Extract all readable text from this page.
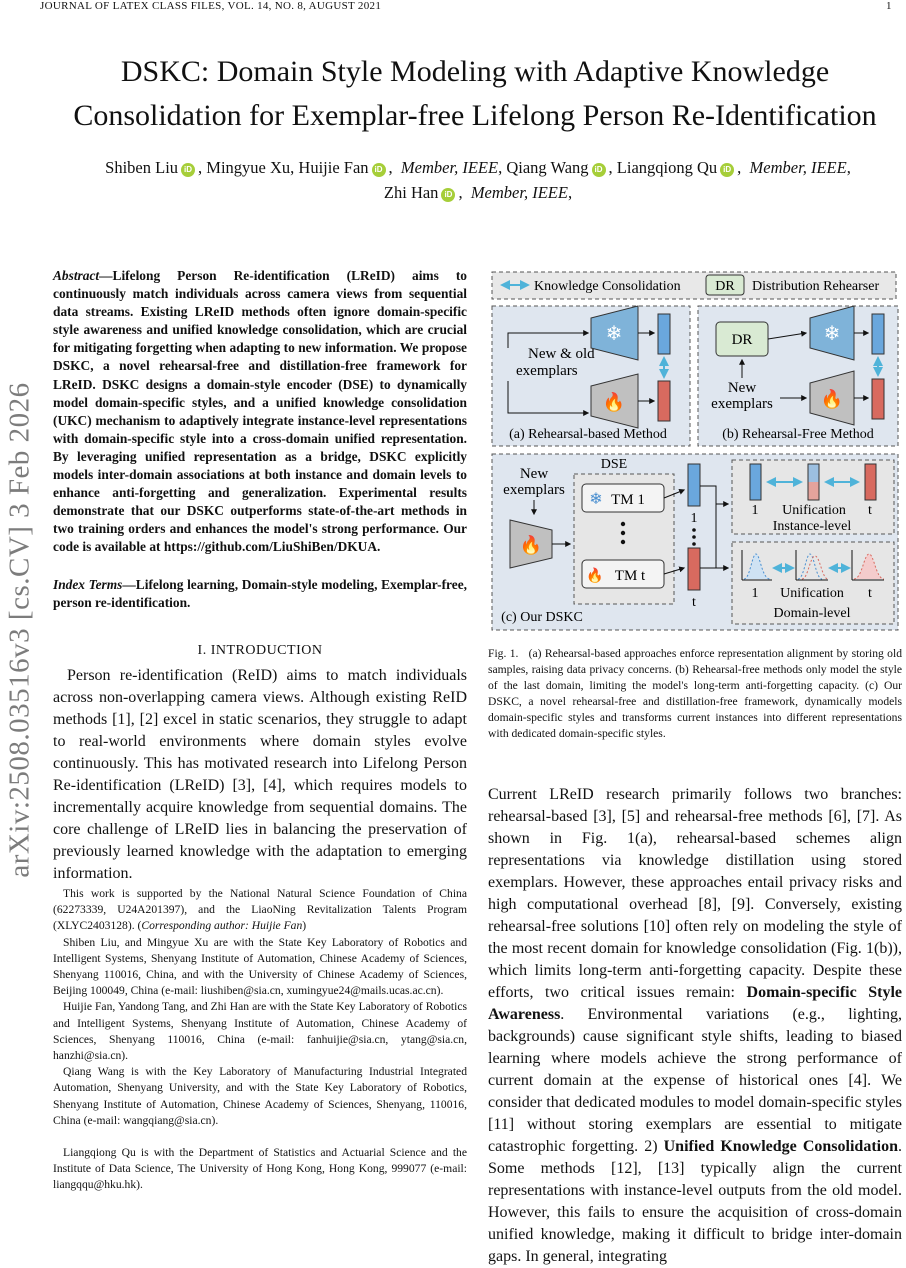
JOURNAL OF LATEX CLASS FILES, VOL. 14, NO. 8, AUGUST 2021	1
arXiv:2508.03516v3 [cs.CV] 3 Feb 2026
DSKC: Domain Style Modeling with Adaptive Knowledge Consolidation for Exemplar-free Lifelong Person Re-Identification
Shiben Liu iD , Mingyue Xu, Huijie Fan iD ,  Member, IEEE, Qiang Wang iD , Liangqiong Qu iD ,  Member, IEEE,
Zhi Han iD ,  Member, IEEE,
Abstract—Lifelong Person Re-identification (LReID) aims to continuously match individuals across camera views from sequential data streams. Existing LReID methods often ignore domain-specific style awareness and unified knowledge consolidation, which are crucial for mitigating forgetting when adapting to new information. We propose DSKC, a novel rehearsal-free and distillation-free framework for LReID. DSKC designs a domain-style encoder (DSE) to dynamically model domain-specific styles, and a unified knowledge consolidation (UKC) mechanism to adaptively integrate instance-level representations with domain-specific style into a cross-domain unified representation. By leveraging unified representation as a bridge, DSKC explicitly models inter-domain associations at both instance and domain levels to enhance anti-forgetting and generalization. Experimental results demonstrate that our DSKC outperforms state-of-the-art methods in two training orders and enhances the model's strong performance. Our code is available at https://github.com/LiuShiBen/DKUA.
Index Terms—Lifelong learning, Domain-style modeling, Exemplar-free, person re-identification.
I. INTRODUCTION
Person re-identification (ReID) aims to match individuals across non-overlapping camera views. Although existing ReID methods [1], [2] excel in static scenarios, they struggle to adapt to real-world environments where domain styles evolve continuously. This has motivated research into Lifelong Person Re-identification (LReID) [3], [4], which requires models to incrementally acquire knowledge from sequential domains. The core challenge of LReID lies in balancing the preservation of previously learned knowledge with the adaptation to emerging information.

This work is supported by the National Natural Science Foundation of China (62273339, U24A201397), and the LiaoNing Revitalization Talents Program (XLYC2403128). (Corresponding author: Huijie Fan)

Shiben Liu, and Mingyue Xu are with the State Key Laboratory of Robotics and Intelligent Systems, Shenyang Institute of Automation, Chinese Academy of Sciences, Shenyang 110016, China, and with the University of Chinese Academy of Sciences, Beijing 100049, China (e-mail: liushiben@sia.cn, xumingyue24@mails.ucas.ac.cn).

Huijie Fan, Yandong Tang, and Zhi Han are with the State Key Laboratory of Robotics and Intelligent Systems, Shenyang Institute of Automation, Chinese Academy of Sciences, Shenyang 110016, China (e-mail: fanhuijie@sia.cn, ytang@sia.cn, hanzhi@sia.cn).

Qiang Wang is with the Key Laboratory of Manufacturing Industrial Integrated Automation, Shenyang University, and with the State Key Laboratory of Robotics, Shenyang Institute of Automation, Chinese Academy of Sciences, Shenyang, 110016, China (e-mail: wangqiang@sia.cn).

Liangqiong Qu is with the Department of Statistics and Actuarial Science and the Institute of Data Science, The University of Hong Kong, Hong Kong, 999077 (e-mail: liangqqu@hku.hk).

Knowledge Consolidation DR Distribution Rehearser
New & old
exemplars
❄
🔥
(a) Rehearsal-based Method
DR
New
exemplars
❄
🔥
(b) Rehearsal-Free Method
New
exemplars
🔥
DSE
❄ TM 1
🔥 TM t
1
t
1 Unification t
Instance-level
1 Unification t
Domain-level
(c) Our DSKC
Fig. 1. (a) Rehearsal-based approaches enforce representation alignment by storing old samples, raising data privacy concerns. (b) Rehearsal-free methods only model the style of the last domain, limiting the model's long-term anti-forgetting capacity. (c) Our DSKC, a novel rehearsal-free and distillation-free framework, dynamically models domain-specific styles and transforms current instances into different representations with dedicated domain-specific styles.
Current LReID research primarily follows two branches: rehearsal-based [3], [5] and rehearsal-free methods [6], [7]. As shown in Fig. 1(a), rehearsal-based schemes align representations via knowledge distillation using stored exemplars. However, these approaches entail privacy risks and high computational overhead [8], [9]. Conversely, existing rehearsal-free solutions [10] often rely on modeling the style of the most recent domain for knowledge consolidation (Fig. 1(b)), which limits long-term anti-forgetting capacity. Despite these efforts, two critical issues remain: Domain-specific Style Awareness. Environmental variations (e.g., lighting, backgrounds) cause significant style shifts, leading to biased learning where models achieve the strong performance of current domain at the expense of historical ones [4]. We consider that dedicated modules to model domain-specific styles [11] without storing exemplars are essential to mitigate catastrophic forgetting. 2) Unified Knowledge Consolidation. Some methods [12], [13] typically align the current representations with instance-level outputs from the old model. However, this fails to ensure the acquisition of cross-domain unified knowledge, making it difficult to bridge inter-domain gaps. In general, integrating
